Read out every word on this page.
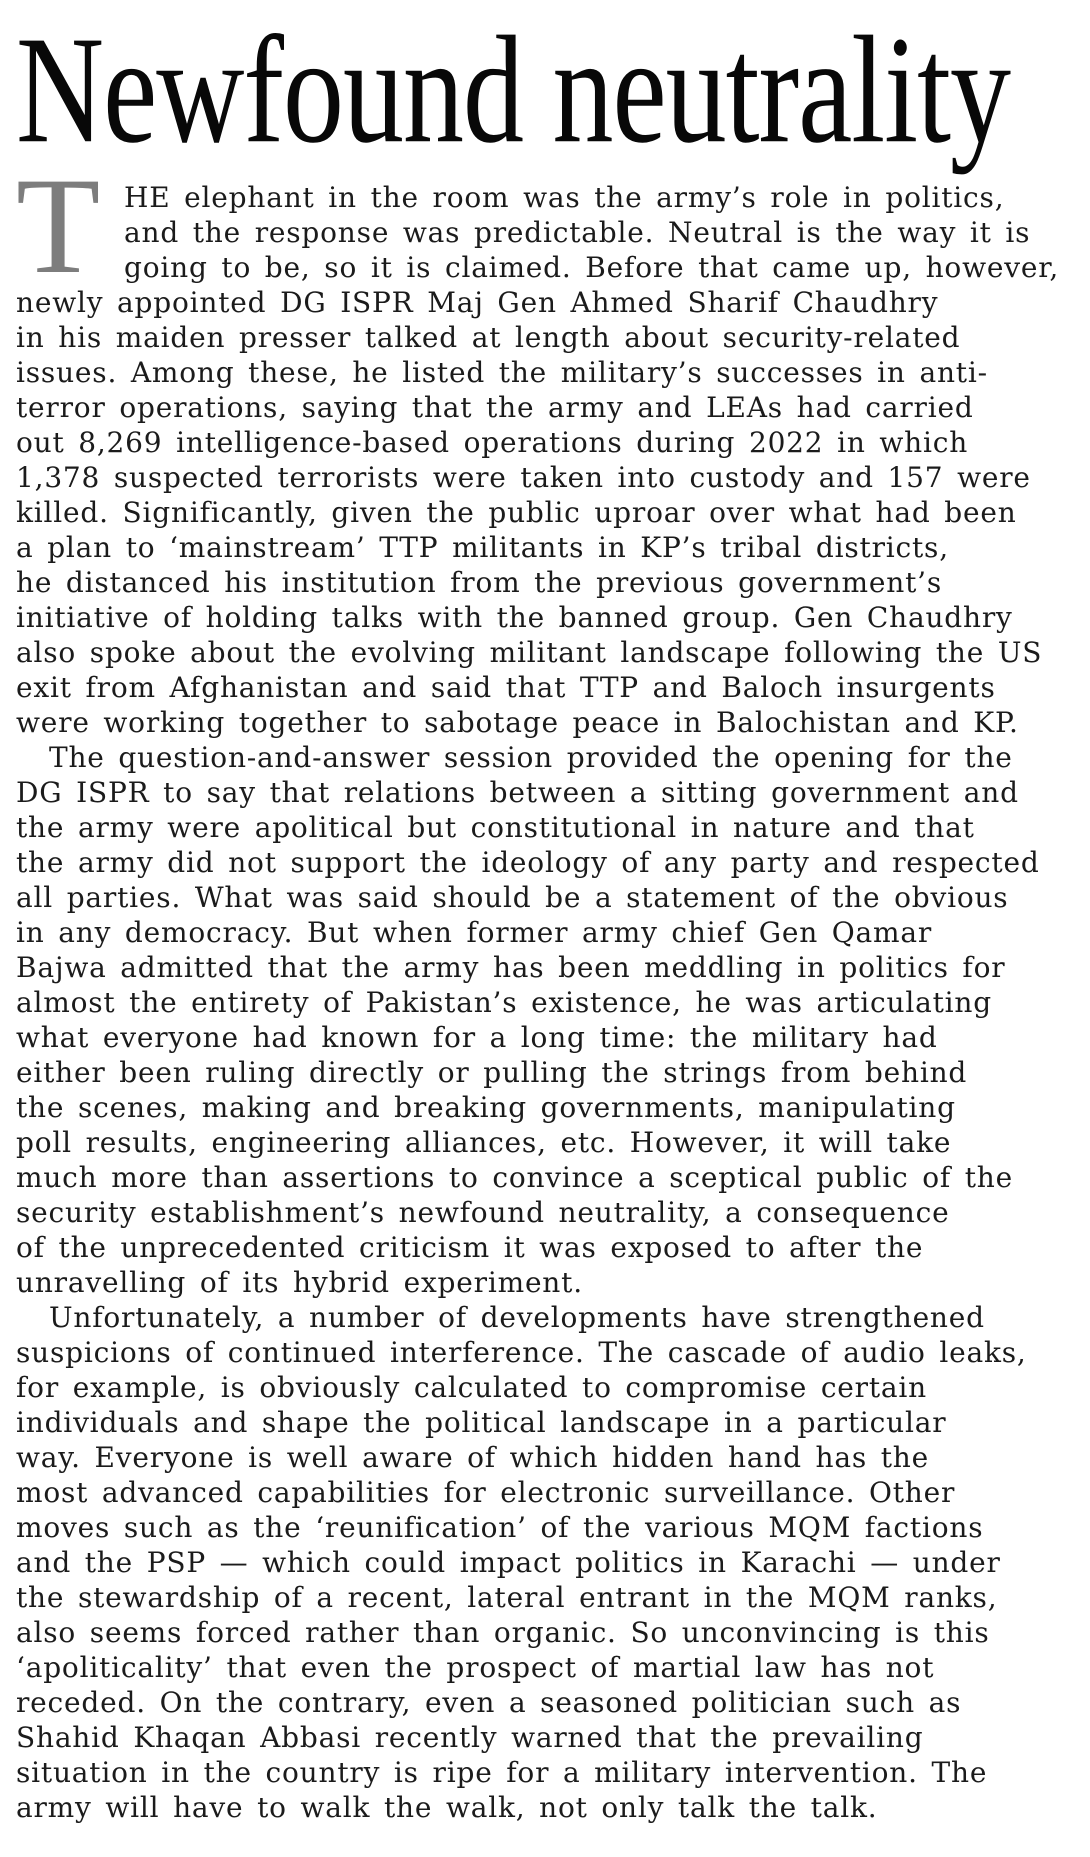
Newfound neutrality
T HE elephant in the room was the army’s role in politics,
and the response was predictable. Neutral is the way it is
going to be, so it is claimed. Before that came up, however,
newly appointed DG ISPR Maj Gen Ahmed Sharif Chaudhry
in his maiden presser talked at length about security-related
issues. Among these, he listed the military’s successes in anti-
terror operations, saying that the army and LEAs had carried
out 8,269 intelligence-based operations during 2022 in which
1,378 suspected terrorists were taken into custody and 157 were
killed. Significantly, given the public uproar over what had been
a plan to ‘mainstream’ TTP militants in KP’s tribal districts,
he distanced his institution from the previous government’s
initiative of holding talks with the banned group. Gen Chaudhry
also spoke about the evolving militant landscape following the US
exit from Afghanistan and said that TTP and Baloch insurgents
were working together to sabotage peace in Balochistan and KP.
The question-and-answer session provided the opening for the
DG ISPR to say that relations between a sitting government and
the army were apolitical but constitutional in nature and that
the army did not support the ideology of any party and respected
all parties. What was said should be a statement of the obvious
in any democracy. But when former army chief Gen Qamar
Bajwa admitted that the army has been meddling in politics for
almost the entirety of Pakistan’s existence, he was articulating
what everyone had known for a long time: the military had
either been ruling directly or pulling the strings from behind
the scenes, making and breaking governments, manipulating
poll results, engineering alliances, etc. However, it will take
much more than assertions to convince a sceptical public of the
security establishment’s newfound neutrality, a consequence
of the unprecedented criticism it was exposed to after the
unravelling of its hybrid experiment.
Unfortunately, a number of developments have strengthened
suspicions of continued interference. The cascade of audio leaks,
for example, is obviously calculated to compromise certain
individuals and shape the political landscape in a particular
way. Everyone is well aware of which hidden hand has the
most advanced capabilities for electronic surveillance. Other
moves such as the ‘reunification’ of the various MQM factions
and the PSP — which could impact politics in Karachi — under
the stewardship of a recent, lateral entrant in the MQM ranks,
also seems forced rather than organic. So unconvincing is this
‘apoliticality’ that even the prospect of martial law has not
receded. On the contrary, even a seasoned politician such as
Shahid Khaqan Abbasi recently warned that the prevailing
situation in the country is ripe for a military intervention. The
army will have to walk the walk, not only talk the talk.
